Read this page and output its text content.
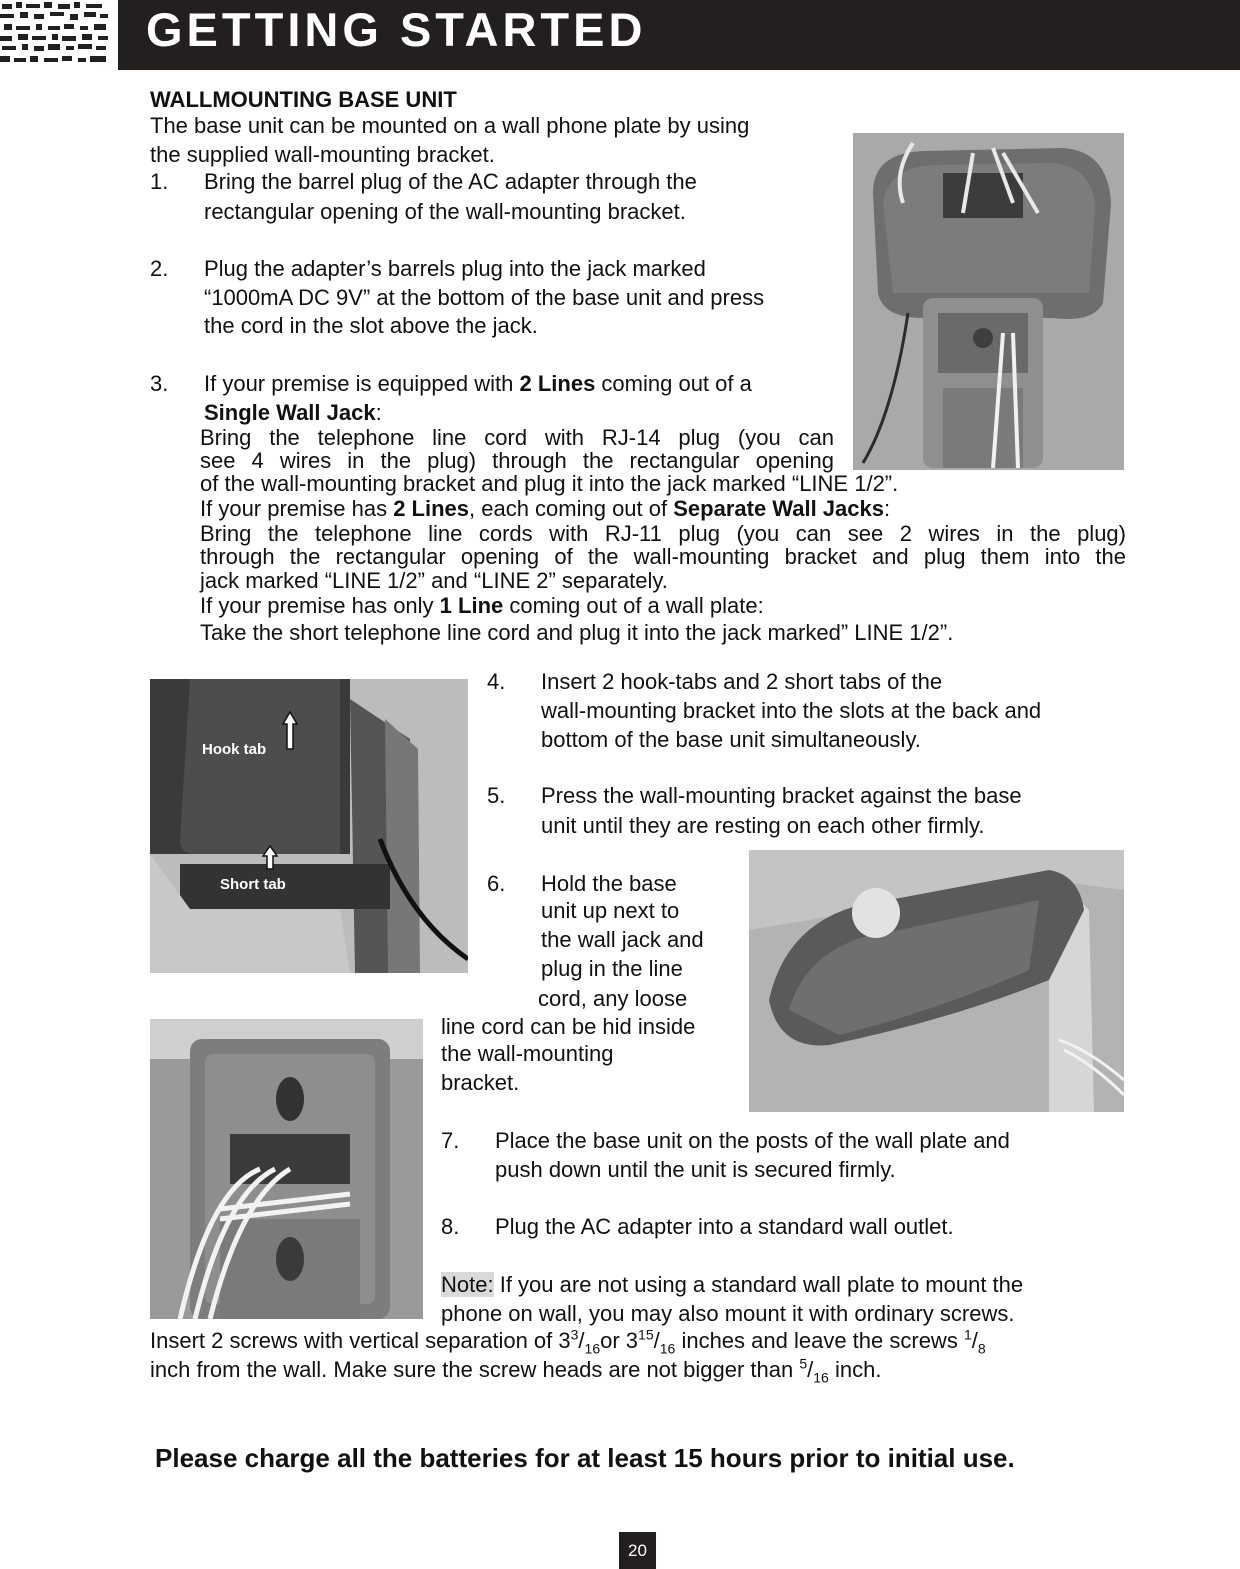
GETTING STARTED
WALLMOUNTING BASE UNIT
The base unit can be mounted on a wall phone plate by using
the supplied wall-mounting bracket.
1. Bring the barrel plug of the AC adapter through the
rectangular opening of the wall-mounting bracket.
2. Plug the adapter’s barrels plug into the jack marked
“1000mA DC 9V” at the bottom of the base unit and press
the cord in the slot above the jack.
3. If your premise is equipped with 2 Lines coming out of a
Single Wall Jack:
Bring the telephone line cord with RJ-14 plug (you can
see 4 wires in the plug) through the rectangular opening
of the wall-mounting bracket and plug it into the jack marked “LINE 1/2”.
If your premise has 2 Lines, each coming out of Separate Wall Jacks:
Bring the telephone line cords with RJ-11 plug (you can see 2 wires in the plug)
through the rectangular opening of the wall-mounting bracket and plug them into the
jack marked “LINE 1/2” and “LINE 2” separately.
If your premise has only 1 Line coming out of a wall plate:
Take the short telephone line cord and plug it into the jack marked” LINE 1/2”.
Hook tab
Short tab
4. Insert 2 hook-tabs and 2 short tabs of the
wall-mounting bracket into the slots at the back and
bottom of the base unit simultaneously.
5. Press the wall-mounting bracket against the base
unit until they are resting on each other firmly.
6. Hold the base
unit up next to
the wall jack and
plug in the line
cord, any loose
line cord can be hid inside
the wall-mounting
bracket.
7. Place the base unit on the posts of the wall plate and
push down until the unit is secured firmly.
8. Plug the AC adapter into a standard wall outlet.
Note: If you are not using a standard wall plate to mount the
phone on wall, you may also mount it with ordinary screws.
Insert 2 screws with vertical separation of $3^3/_{16}or$ $3^{15}/_{16}$ inches and leave the screws $^1/_8$
inch from the wall. Make sure the screw heads are not bigger than $^5/_{16}$ inch.
Please charge all the batteries for at least 15 hours prior to initial use.
20
